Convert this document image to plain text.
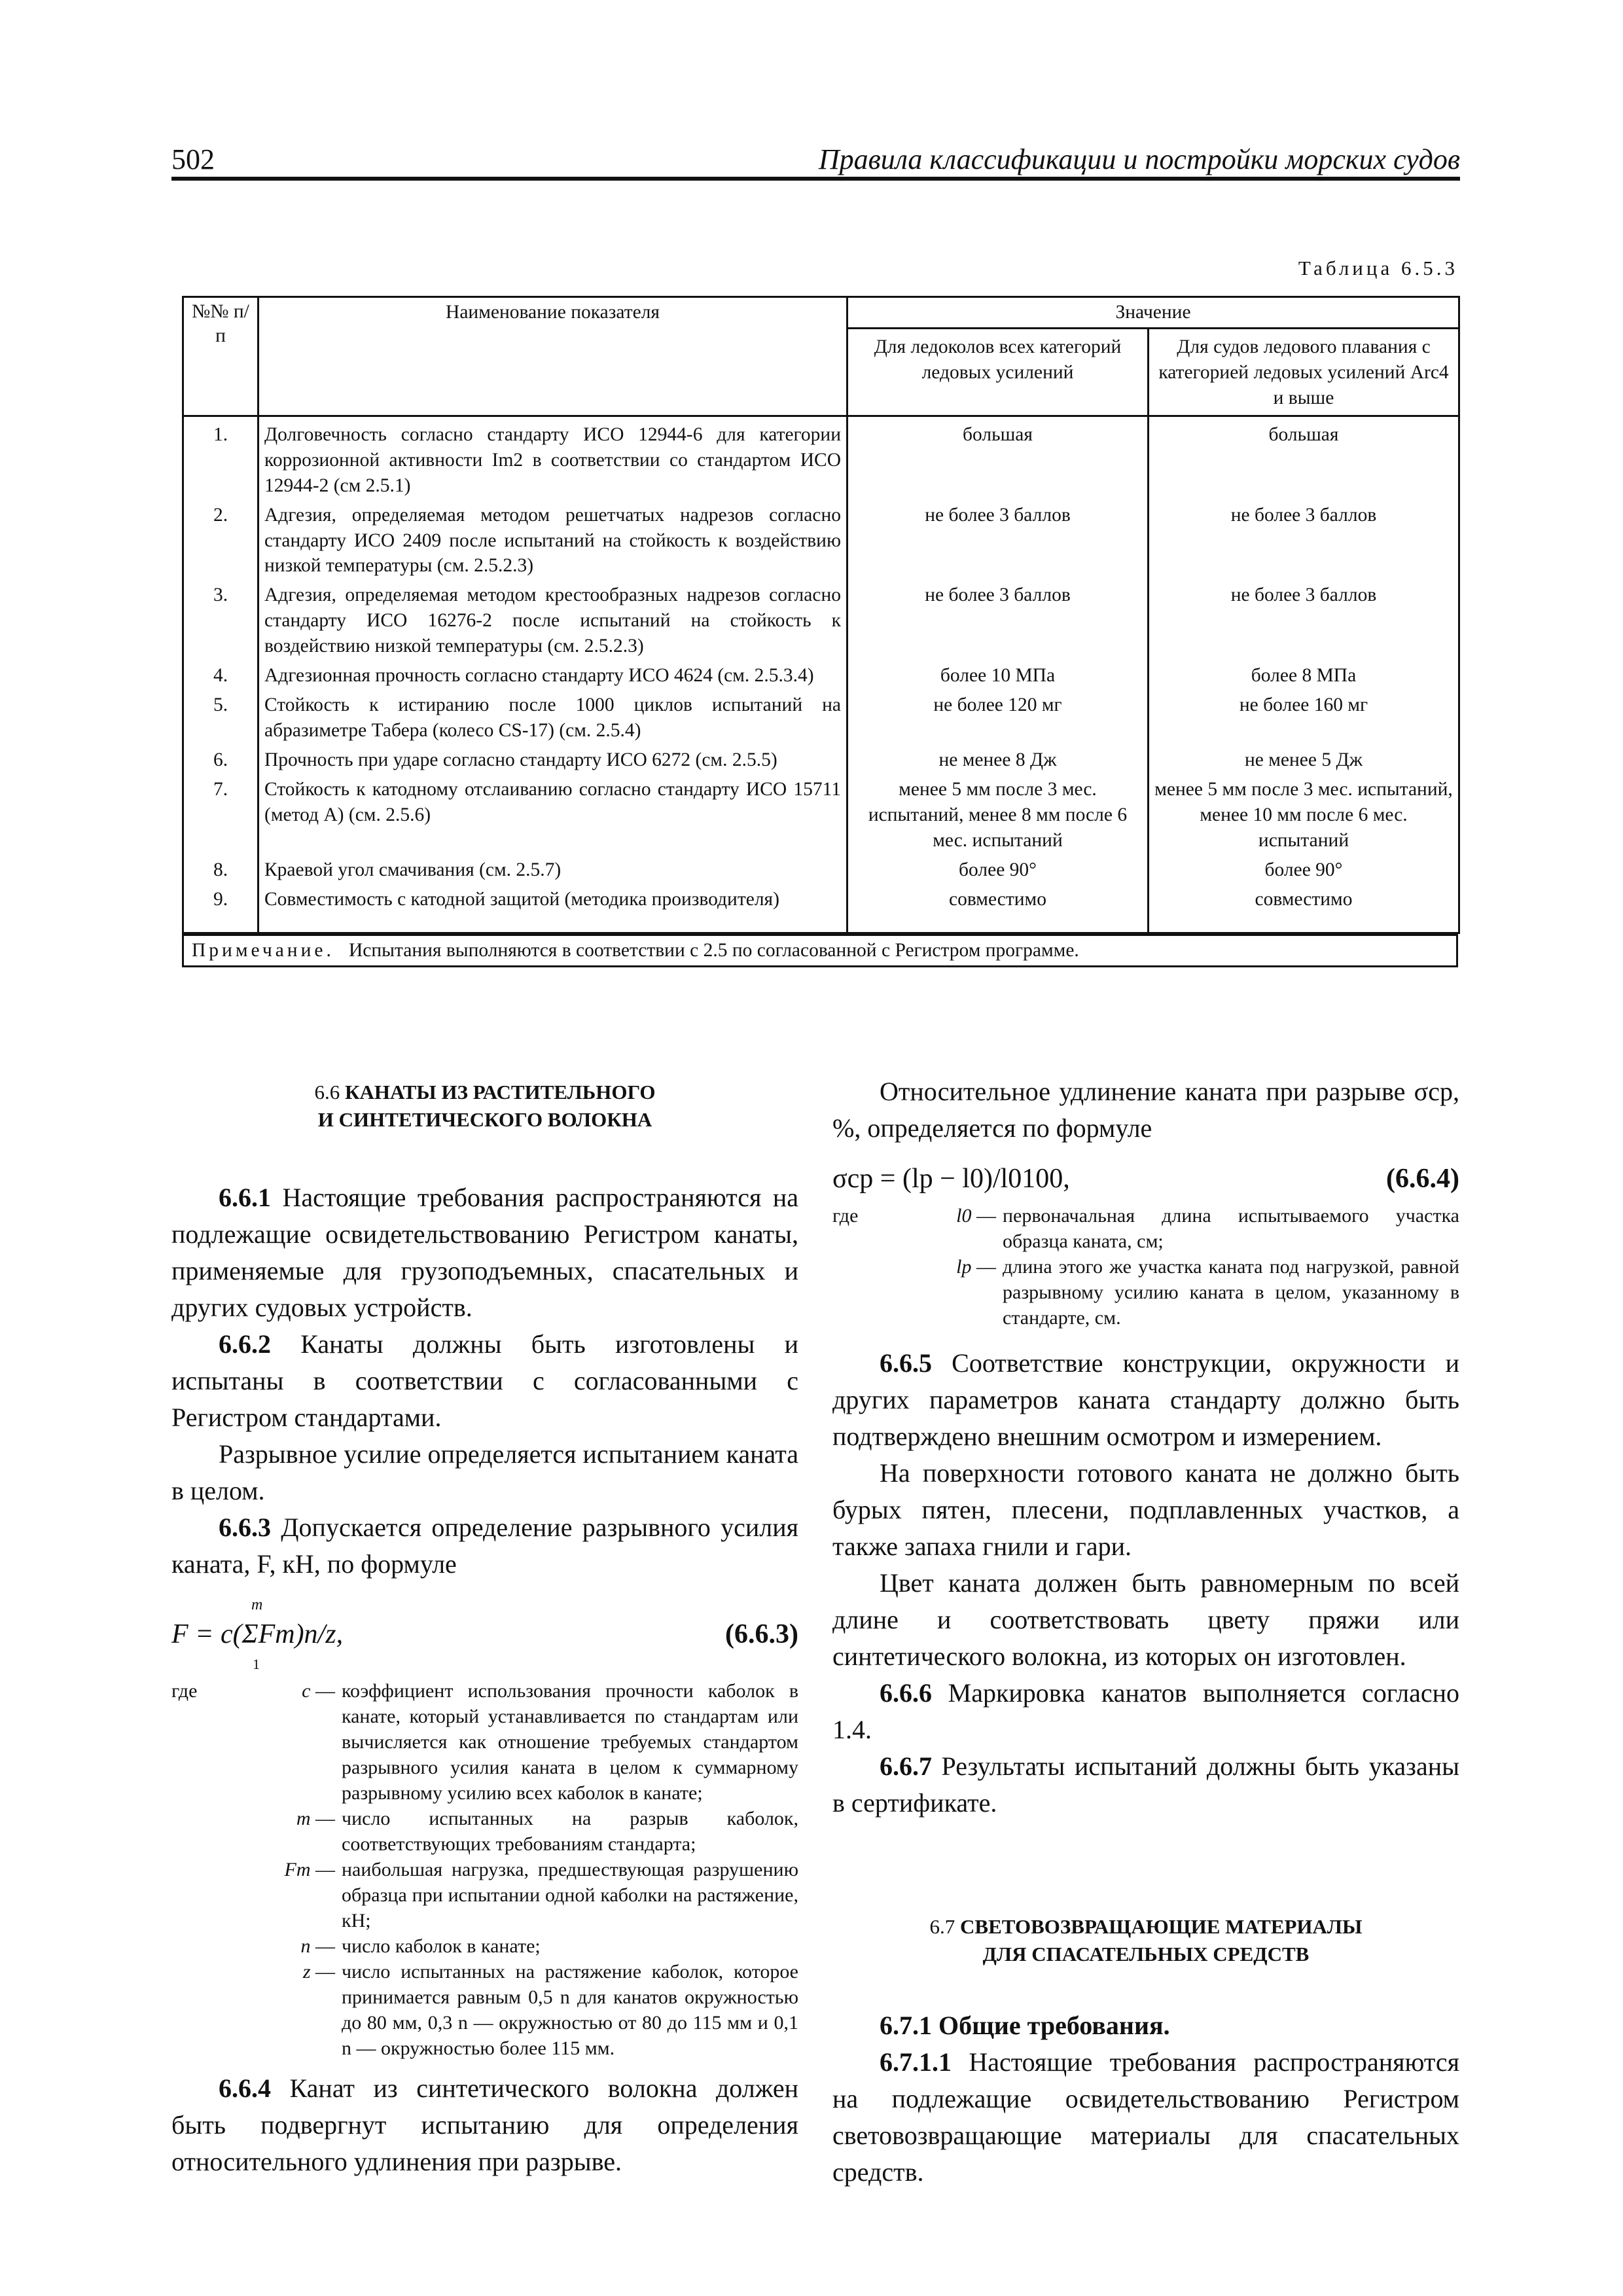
502	Правила классификации и постройки морских судов
Таблица 6.5.3
№№ п/п	Наименование показателя	Значение	
		Для ледоколов всех категорий ледовых усилений	Для судов ледового плавания с категорией ледовых усилений Arc4 и выше
1.	Долговечность согласно стандарту ИСО 12944-6 для категории коррозионной активности Im2 в соответствии со стандартом ИСО 12944-2 (см 2.5.1)	большая	большая
2.	Адгезия, определяемая методом решетчатых надрезов согласно стандарту ИСО 2409 после испытаний на стойкость к воздействию низкой температуры (см. 2.5.2.3)	не более 3 баллов	не более 3 баллов
3.	Адгезия, определяемая методом крестообразных надрезов согласно стандарту ИСО 16276-2 после испытаний на стойкость к воздействию низкой температуры (см. 2.5.2.3)	не более 3 баллов	не более 3 баллов
4.	Адгезионная прочность согласно стандарту ИСО 4624 (см. 2.5.3.4)	более 10 МПа	более 8 МПа
5.	Стойкость к истиранию после 1000 циклов испытаний на абразиметре Табера (колесо CS-17) (см. 2.5.4)	не более 120 мг	не более 160 мг
6.	Прочность при ударе согласно стандарту ИСО 6272 (см. 2.5.5)	не менее 8 Дж	не менее 5 Дж
7.	Стойкость к катодному отслаиванию согласно стандарту ИСО 15711 (метод А) (см. 2.5.6)	менее 5 мм после 3 мес. испытаний, менее 8 мм после 6 мес. испытаний	менее 5 мм после 3 мес. испытаний, менее 10 мм после 6 мес. испытаний
8.	Краевой угол смачивания (см. 2.5.7)	более 90°	более 90°
9.	Совместимость с катодной защитой (методика производителя)	совместимо	совместимо
Примечание. Испытания выполняются в соответствии с 2.5 по согласованной с Регистром программе.
6.6 КАНАТЫ ИЗ РАСТИТЕЛЬНОГО
И СИНТЕТИЧЕСКОГО ВОЛОКНА

6.6.1 Настоящие требования распространяются на подлежащие освидетельствованию Регистром канаты, применяемые для грузоподъемных, спасательных и других судовых устройств.

6.6.2 Канаты должны быть изготовлены и испытаны в соответствии с согласованными с Регистром стандартами.

Разрывное усилие определяется испытанием каната в целом.

6.6.3 Допускается определение разрывного усилия каната, F, кН, по формуле

m
F = c(ΣFm)n/z,
1
(6.6.3)
где	c — коэффициент использования прочности каболок в канате, который устанавливается по стандартам или вычисляется как отношение требуемых стандартом разрывного усилия каната в целом к суммарному разрывному усилию всех каболок в канате;
m — число испытанных на разрыв каболок, соответствующих требованиям стандарта;
Fm — наибольшая нагрузка, предшествующая разрушению образца при испытании одной каболки на растяжение, кН;
n — число каболок в канате;
z — число испытанных на растяжение каболок, которое принимается равным 0,5 n для канатов окружностью до 80 мм, 0,3 n — окружностью от 80 до 115 мм и 0,1 n — окружностью более 115 мм.

6.6.4 Канат из синтетического волокна должен быть подвергнут испытанию для определения относительного удлинения при разрыве.

Относительное удлинение каната при разрыве σср, %, определяется по формуле

σср = (lр − l0)/l0100,	(6.6.4)
где	l0 — первоначальная длина испытываемого участка образца каната, см;
lр — длина этого же участка каната под нагрузкой, равной разрывному усилию каната в целом, указанному в стандарте, см.

6.6.5 Соответствие конструкции, окружности и других параметров каната стандарту должно быть подтверждено внешним осмотром и измерением.

На поверхности готового каната не должно быть бурых пятен, плесени, подплавленных участков, а также запаха гнили и гари.

Цвет каната должен быть равномерным по всей длине и соответствовать цвету пряжи или синтетического волокна, из которых он изготовлен.

6.6.6 Маркировка канатов выполняется согласно 1.4.

6.6.7 Результаты испытаний должны быть указаны в сертификате.

6.7 СВЕТОВОЗВРАЩАЮЩИЕ МАТЕРИАЛЫ
ДЛЯ СПАСАТЕЛЬНЫХ СРЕДСТВ

6.7.1 Общие требования.

6.7.1.1 Настоящие требования распространяются на подлежащие освидетельствованию Регистром световозвращающие материалы для спасательных средств.
